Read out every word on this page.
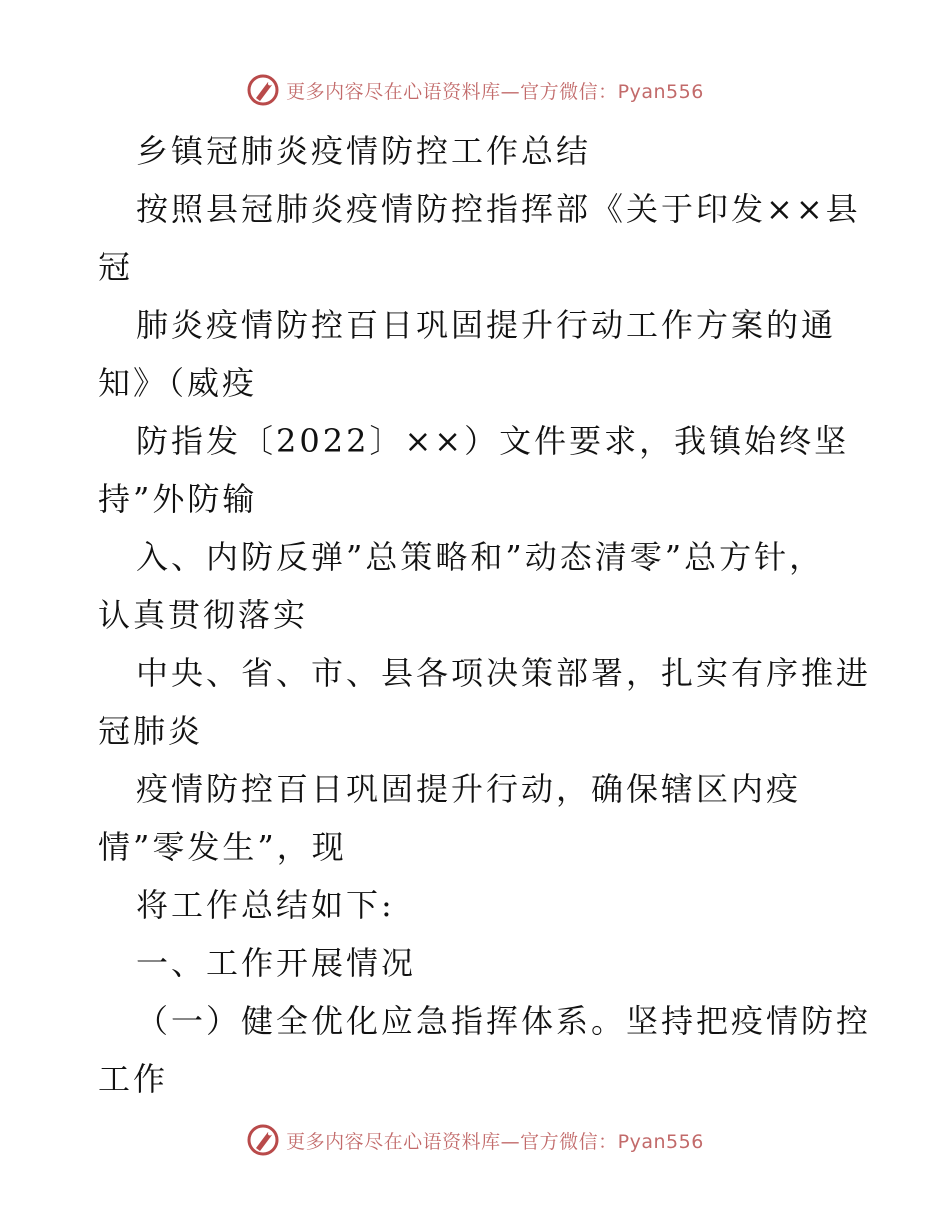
更多内容尽在心语资料库—官方微信：Pyan556
乡镇冠肺炎疫情防控工作总结
按照县冠肺炎疫情防控指挥部《关于印发××县
冠
肺炎疫情防控百日巩固提升行动工作方案的通
知》（威疫
防指发〔2022〕××）文件要求，我镇始终坚
持”外防输
入、内防反弹”总策略和”动态清零”总方针，
认真贯彻落实
中央、省、市、县各项决策部署，扎实有序推进
冠肺炎
疫情防控百日巩固提升行动，确保辖区内疫
情”零发生”，现
将工作总结如下:
一、工作开展情况
（一）健全优化应急指挥体系。坚持把疫情防控
工作
更多内容尽在心语资料库—官方微信：Pyan556
